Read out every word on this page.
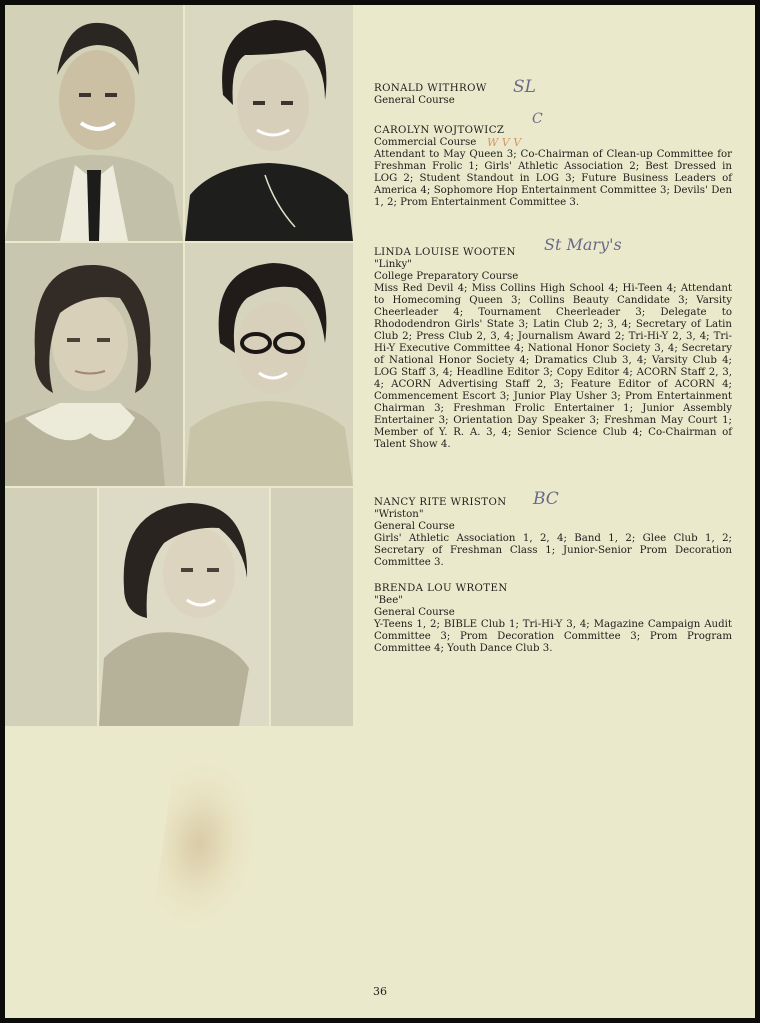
RONALD WITHROW
General Course
SL
CAROLYN WOJTOWICZ
Commercial Course
Attendant to May Queen 3; Co-Chairman of Clean-up Committee for Freshman Frolic 1; Girls' Athletic Association 2; Best Dressed in LOG 2; Student Standout in LOG 3; Future Business Leaders of America 4; Sophomore Hop Entertainment Committee 3; Devils' Den 1, 2; Prom Entertainment Committee 3.
C
W V V
LINDA LOUISE WOOTEN
"Linky"
College Preparatory Course
Miss Red Devil 4; Miss Collins High School 4; Hi-Teen 4; Attendant to Homecoming Queen 3; Collins Beauty Candidate 3; Varsity Cheerleader 4; Tournament Cheerleader 3; Delegate to Rhododendron Girls' State 3; Latin Club 2; 3, 4; Secretary of Latin Club 2; Press Club 2, 3, 4; Journalism Award 2; Tri-Hi-Y 2, 3, 4; Tri-Hi-Y Executive Committee 4; National Honor Society 3, 4; Secretary of National Honor Society 4; Dramatics Club 3, 4; Varsity Club 4; LOG Staff 3, 4; Headline Editor 3; Copy Editor 4; ACORN Staff 2, 3, 4; ACORN Advertising Staff 2, 3; Feature Editor of ACORN 4; Commencement Escort 3; Junior Play Usher 3; Prom Entertainment Chairman 3; Freshman Frolic Entertainer 1; Junior Assembly Entertainer 3; Orientation Day Speaker 3; Freshman May Court 1; Member of Y. R. A. 3, 4; Senior Science Club 4; Co-Chairman of Talent Show 4.
St Mary's
NANCY RITE WRISTON
"Wriston"
General Course
Girls' Athletic Association 1, 2, 4; Band 1, 2; Glee Club 1, 2; Secretary of Freshman Class 1; Junior-Senior Prom Decoration Committee 3.
BC
BRENDA LOU WROTEN
"Bee"
General Course
Y-Teens 1, 2; BIBLE Club 1; Tri-Hi-Y 3, 4; Magazine Campaign Audit Committee 3; Prom Decoration Committee 3; Prom Program Committee 4; Youth Dance Club 3.
36
